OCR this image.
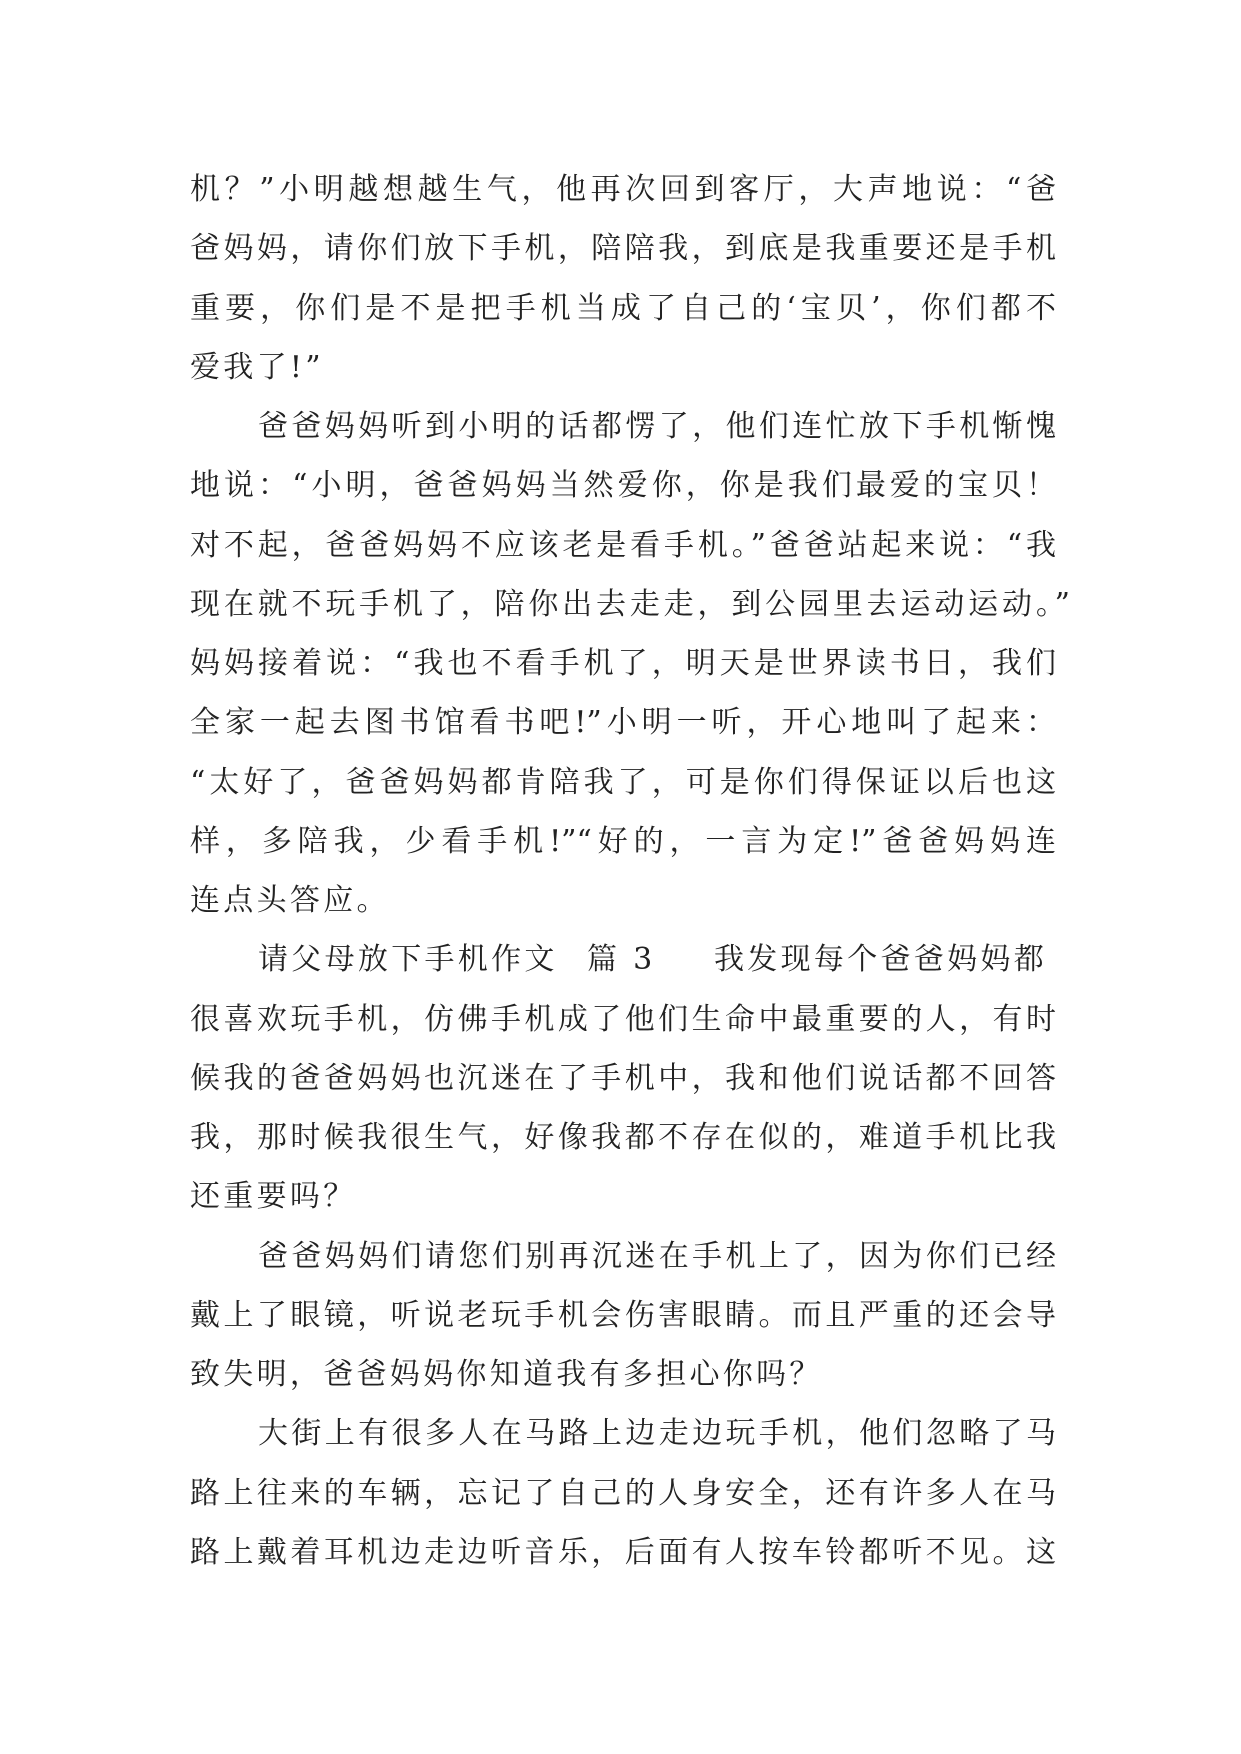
机？”小明越想越生气，他再次回到客厅，大声地说：“爸
爸妈妈，请你们放下手机，陪陪我，到底是我重要还是手机
重要，你们是不是把手机当成了自己的‘宝贝’，你们都不
爱我了!”
爸爸妈妈听到小明的话都愣了，他们连忙放下手机惭愧
地说：“小明，爸爸妈妈当然爱你，你是我们最爱的宝贝！
对不起，爸爸妈妈不应该老是看手机。”爸爸站起来说：“我
现在就不玩手机了，陪你出去走走，到公园里去运动运动。”
妈妈接着说：“我也不看手机了，明天是世界读书日，我们
全家一起去图书馆看书吧!”小明一听，开心地叫了起来：
“太好了，爸爸妈妈都肯陪我了，可是你们得保证以后也这
样，多陪我，少看手机!”“好的，一言为定!”爸爸妈妈连
连点头答应。
请父母放下手机作文 篇 3 我发现每个爸爸妈妈都
很喜欢玩手机，仿佛手机成了他们生命中最重要的人，有时
候我的爸爸妈妈也沉迷在了手机中，我和他们说话都不回答
我，那时候我很生气，好像我都不存在似的，难道手机比我
还重要吗？
爸爸妈妈们请您们别再沉迷在手机上了，因为你们已经
戴上了眼镜，听说老玩手机会伤害眼睛。而且严重的还会导
致失明，爸爸妈妈你知道我有多担心你吗？
大街上有很多人在马路上边走边玩手机，他们忽略了马
路上往来的车辆，忘记了自己的人身安全，还有许多人在马
路上戴着耳机边走边听音乐，后面有人按车铃都听不见。这
